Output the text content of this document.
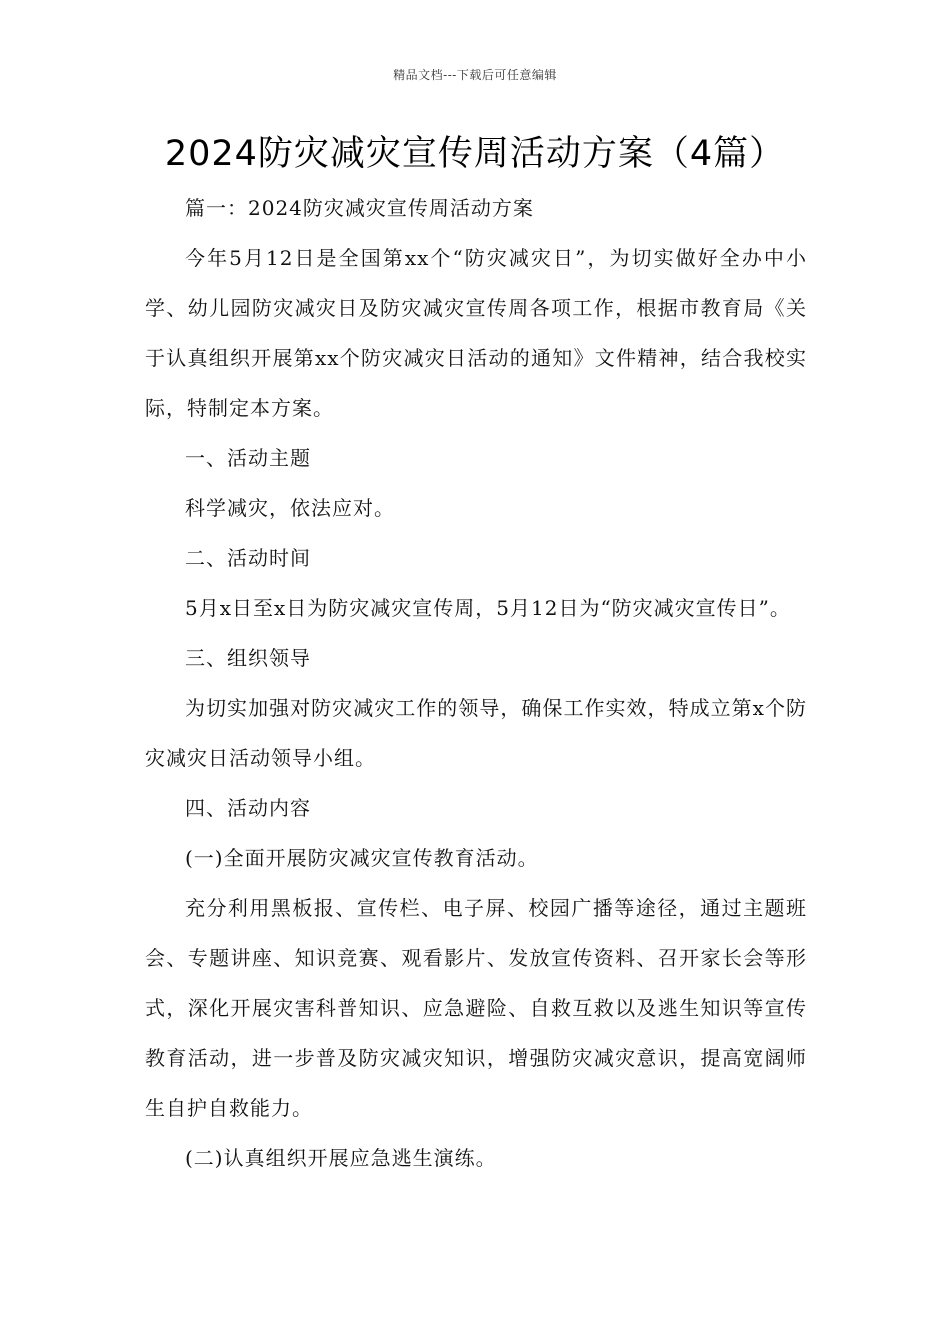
精品文档---下载后可任意编辑
2024防灾减灾宣传周活动方案（4篇）

篇一：2024防灾减灾宣传周活动方案

今年5月12日是全国第xx个“防灾减灾日”，为切实做好全办中小学、幼儿园防灾减灾日及防灾减灾宣传周各项工作，根据市教育局《关于认真组织开展第xx个防灾减灾日活动的通知》文件精神，结合我校实际，特制定本方案。

一、活动主题

科学减灾，依法应对。

二、活动时间

5月x日至x日为防灾减灾宣传周，5月12日为“防灾减灾宣传日”。

三、组织领导

为切实加强对防灾减灾工作的领导，确保工作实效，特成立第x个防灾减灾日活动领导小组。

四、活动内容

(一)全面开展防灾减灾宣传教育活动。

充分利用黑板报、宣传栏、电子屏、校园广播等途径，通过主题班会、专题讲座、知识竞赛、观看影片、发放宣传资料、召开家长会等形式，深化开展灾害科普知识、应急避险、自救互救以及逃生知识等宣传教育活动，进一步普及防灾减灾知识，增强防灾减灾意识，提高宽阔师生自护自救能力。

(二)认真组织开展应急逃生演练。
